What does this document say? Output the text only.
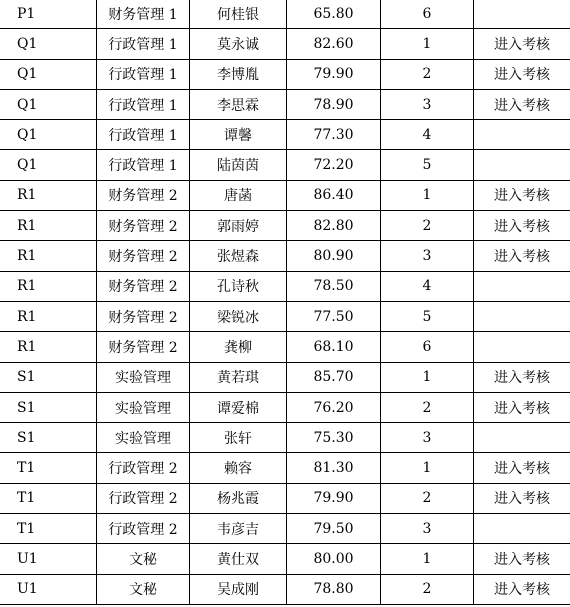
P1	财务管理 1	何桂银	65.80	6	
Q1	行政管理 1	莫永诚	82.60	1	进入考核
Q1	行政管理 1	李博胤	79.90	2	进入考核
Q1	行政管理 1	李思霖	78.90	3	进入考核
Q1	行政管理 1	谭馨	77.30	4	
Q1	行政管理 1	陆茵茵	72.20	5	
R1	财务管理 2	唐菡	86.40	1	进入考核
R1	财务管理 2	郭雨婷	82.80	2	进入考核
R1	财务管理 2	张煜森	80.90	3	进入考核
R1	财务管理 2	孔诗秋	78.50	4	
R1	财务管理 2	梁锐冰	77.50	5	
R1	财务管理 2	龚柳	68.10	6	
S1	实验管理	黄若琪	85.70	1	进入考核
S1	实验管理	谭爱棉	76.20	2	进入考核
S1	实验管理	张轩	75.30	3	
T1	行政管理 2	赖容	81.30	1	进入考核
T1	行政管理 2	杨兆霞	79.90	2	进入考核
T1	行政管理 2	韦彦吉	79.50	3	
U1	文秘	黄仕双	80.00	1	进入考核
U1	文秘	吴成刚	78.80	2	进入考核
